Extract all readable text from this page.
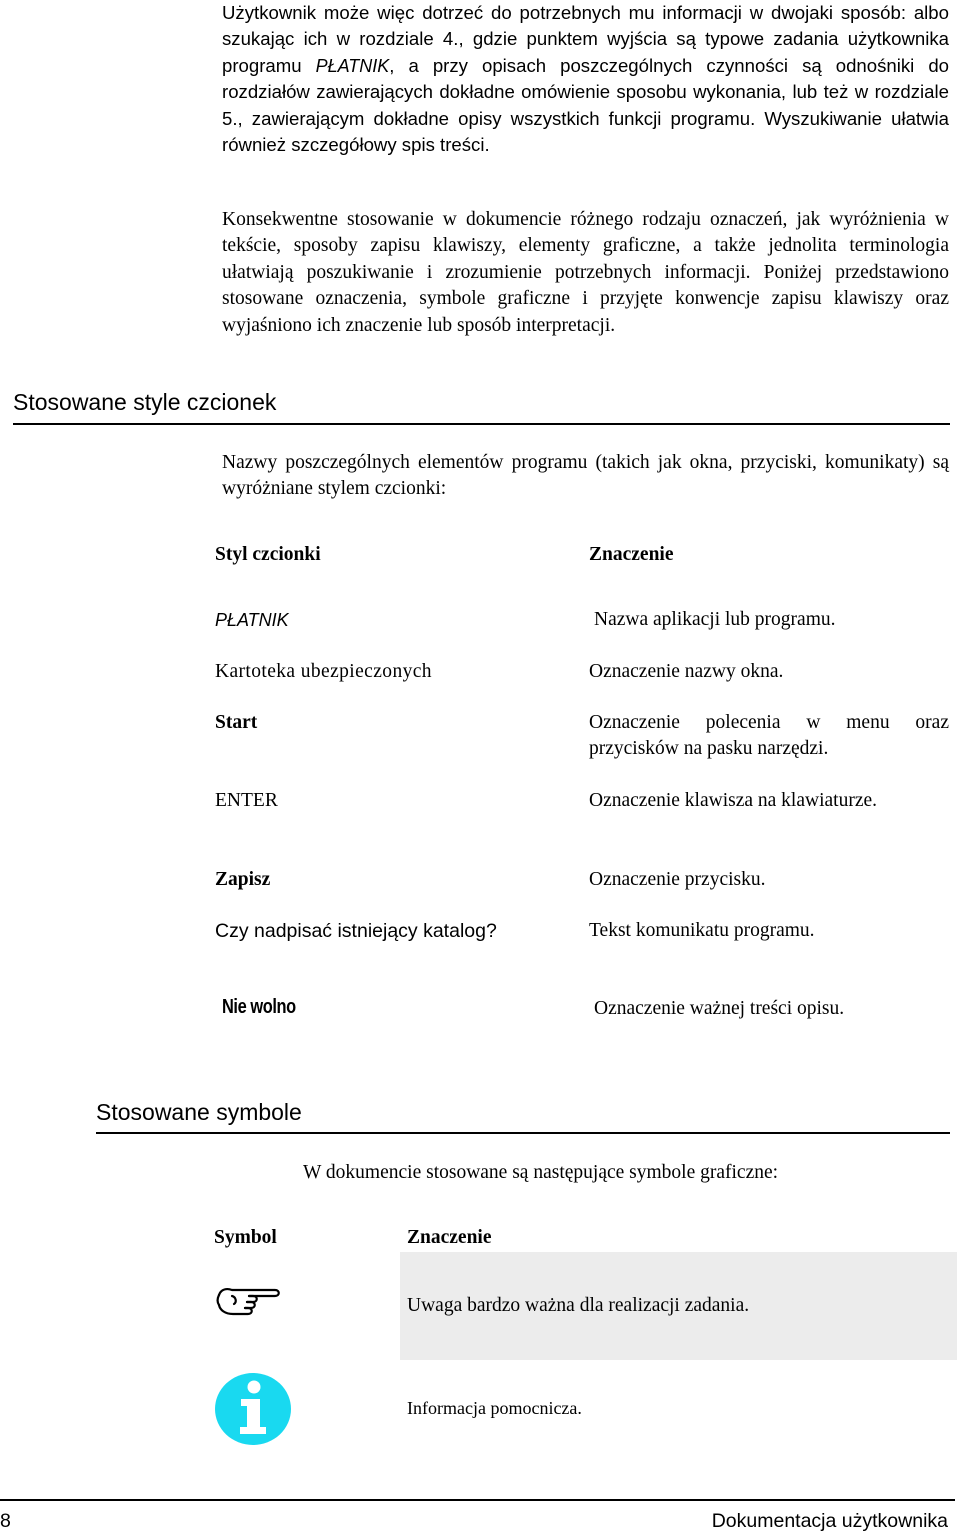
Użytkownik może więc dotrzeć do potrzebnych mu informacji w dwojaki sposób: albo szukając ich w rozdziale 4., gdzie punktem wyjścia są typowe zadania użytkownika programu PŁATNIK, a przy opisach poszczególnych czynności są odnośniki do rozdziałów zawierających dokładne omówienie sposobu wykonania, lub też w rozdziale 5., zawierającym dokładne opisy wszystkich funkcji programu. Wyszukiwanie ułatwia również szczegółowy spis treści.

Konsekwentne stosowanie w dokumencie różnego rodzaju oznaczeń, jak wyróżnienia w tekście, sposoby zapisu klawiszy, elementy graficzne, a także jednolita terminologia ułatwiają poszukiwanie i zrozumienie potrzebnych informacji. Poniżej przedstawiono stosowane oznaczenia, symbole graficzne i przyjęte konwencje zapisu klawiszy oraz wyjaśniono ich znaczenie lub sposób interpretacji.

Stosowane style czcionek

Nazwy poszczególnych elementów programu (takich jak okna, przyciski, komunikaty) są wyróżniane stylem czcionki:

Styl czcionki	Znaczenie
PŁATNIK	Nazwa aplikacji lub programu.
Kartoteka ubezpieczonych	Oznaczenie nazwy okna.
Start	Oznaczenie polecenia w menu oraz przycisków na pasku narzędzi.
ENTER	Oznaczenie klawisza na klawiaturze.
Zapisz	Oznaczenie przycisku.
Czy nadpisać istniejący katalog?	Tekst komunikatu programu.
Nie wolno	Oznaczenie ważnej treści opisu.
Stosowane symbole
W dokumencie stosowane są następujące symbole graficzne:
Symbol	Znaczenie
Uwaga bardzo ważna dla realizacji zadania.
Informacja pomocnicza.
8	Dokumentacja użytkownika
